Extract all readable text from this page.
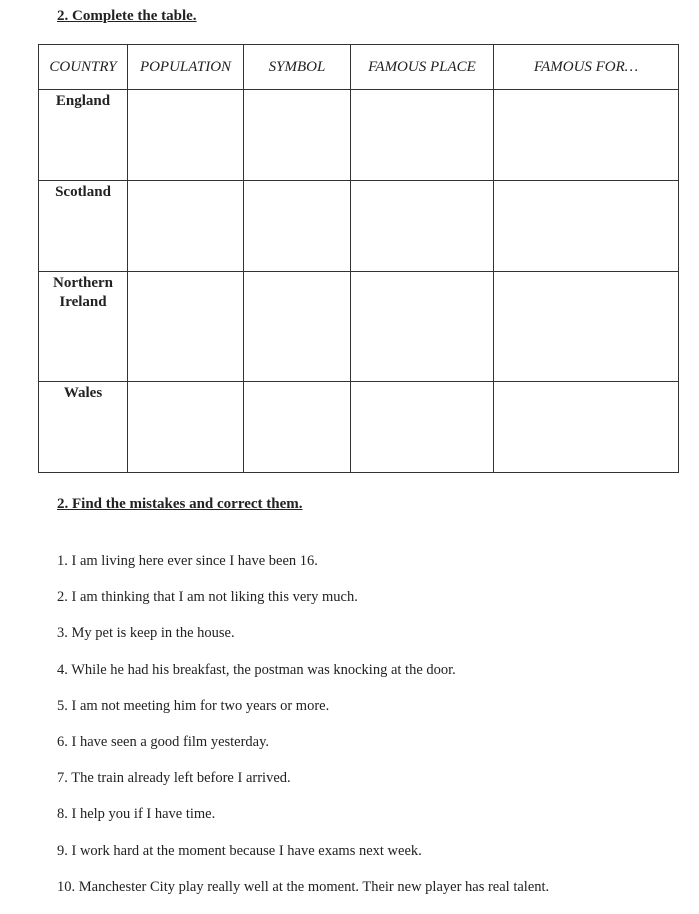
2. Complete the table.
COUNTRY	POPULATION	SYMBOL	FAMOUS PLACE	FAMOUS FOR…
England				
Scotland				
Northern Ireland				
Wales				
2. Find the mistakes and correct them.
1. I am living here ever since I have been 16.
2. I am thinking that I am not liking this very much.
3. My pet is keep in the house.
4. While he had his breakfast, the postman was knocking at the door.
5. I am not meeting him for two years or more.
6. I have seen a good film yesterday.
7. The train already left before I arrived.
8. I help you if I have time.
9. I work hard at the moment because I have exams next week.
10. Manchester City play really well at the moment. Their new player has real talent.
